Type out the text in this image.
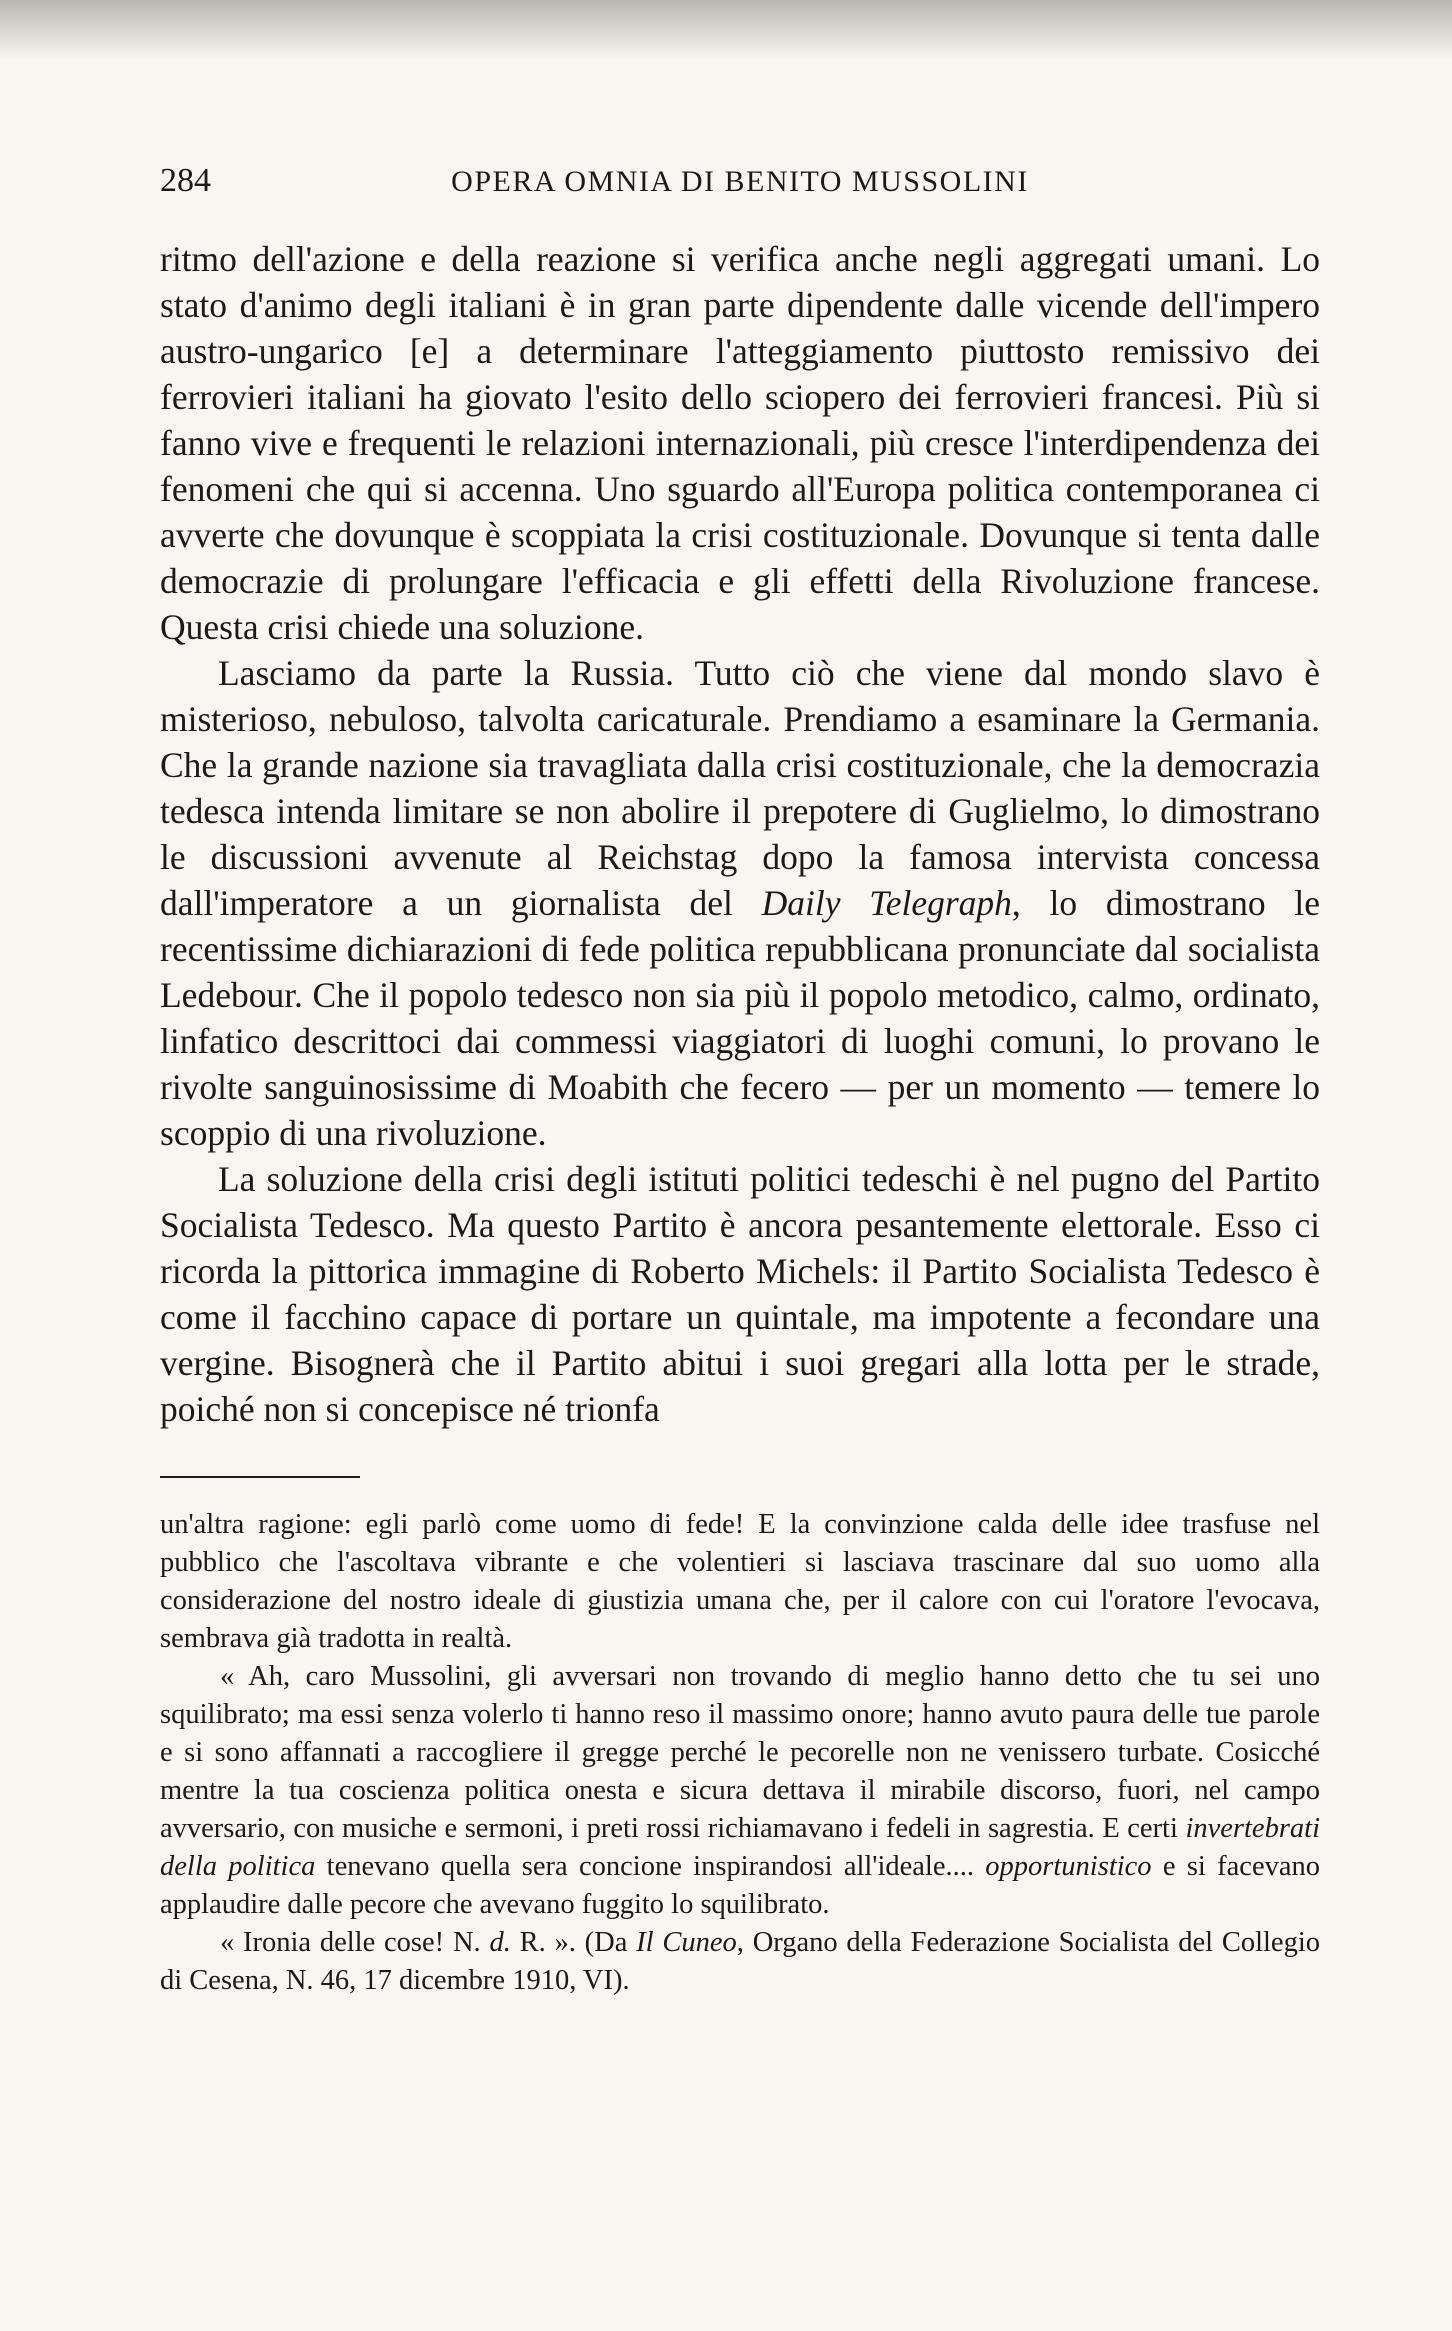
284	OPERA OMNIA DI BENITO MUSSOLINI

ritmo dell'azione e della reazione si verifica anche negli aggregati umani. Lo stato d'animo degli italiani è in gran parte dipendente dalle vicende dell'impero austro-ungarico [e] a determinare l'atteggiamento piuttosto remissivo dei ferrovieri italiani ha giovato l'esito dello sciopero dei ferrovieri francesi. Più si fanno vive e frequenti le relazioni internazionali, più cresce l'interdipendenza dei fenomeni che qui si accenna. Uno sguardo all'Europa politica contemporanea ci avverte che dovunque è scoppiata la crisi costituzionale. Dovunque si tenta dalle democrazie di prolungare l'efficacia e gli effetti della Rivoluzione francese. Questa crisi chiede una soluzione.

Lasciamo da parte la Russia. Tutto ciò che viene dal mondo slavo è misterioso, nebuloso, talvolta caricaturale. Prendiamo a esaminare la Germania. Che la grande nazione sia travagliata dalla crisi costituzionale, che la democrazia tedesca intenda limitare se non abolire il prepotere di Guglielmo, lo dimostrano le discussioni avvenute al Reichstag dopo la famosa intervista concessa dall'imperatore a un giornalista del Daily Telegraph, lo dimostrano le recentissime dichiarazioni di fede politica repubblicana pronunciate dal socialista Ledebour. Che il popolo tedesco non sia più il popolo metodico, calmo, ordinato, linfatico descrittoci dai commessi viaggiatori di luoghi comuni, lo provano le rivolte sanguinosissime di Moabith che fecero — per un momento — temere lo scoppio di una rivoluzione.

La soluzione della crisi degli istituti politici tedeschi è nel pugno del Partito Socialista Tedesco. Ma questo Partito è ancora pesantemente elettorale. Esso ci ricorda la pittorica immagine di Roberto Michels: il Partito Socialista Tedesco è come il facchino capace di portare un quintale, ma impotente a fecondare una vergine. Bisognerà che il Partito abitui i suoi gregari alla lotta per le strade, poiché non si concepisce né trionfa

un'altra ragione: egli parlò come uomo di fede! E la convinzione calda delle idee trasfuse nel pubblico che l'ascoltava vibrante e che volentieri si lasciava trascinare dal suo uomo alla considerazione del nostro ideale di giustizia umana che, per il calore con cui l'oratore l'evocava, sembrava già tradotta in realtà.

« Ah, caro Mussolini, gli avversari non trovando di meglio hanno detto che tu sei uno squilibrato; ma essi senza volerlo ti hanno reso il massimo onore; hanno avuto paura delle tue parole e si sono affannati a raccogliere il gregge perché le pecorelle non ne venissero turbate. Cosicché mentre la tua coscienza politica onesta e sicura dettava il mirabile discorso, fuori, nel campo avversario, con musiche e sermoni, i preti rossi richiamavano i fedeli in sagrestia. E certi invertebrati della politica tenevano quella sera concione inspirandosi all'ideale.... opportunistico e si facevano applaudire dalle pecore che avevano fuggito lo squilibrato.

« Ironia delle cose! N. d. R. ». (Da Il Cuneo, Organo della Federazione Socialista del Collegio di Cesena, N. 46, 17 dicembre 1910, VI).
